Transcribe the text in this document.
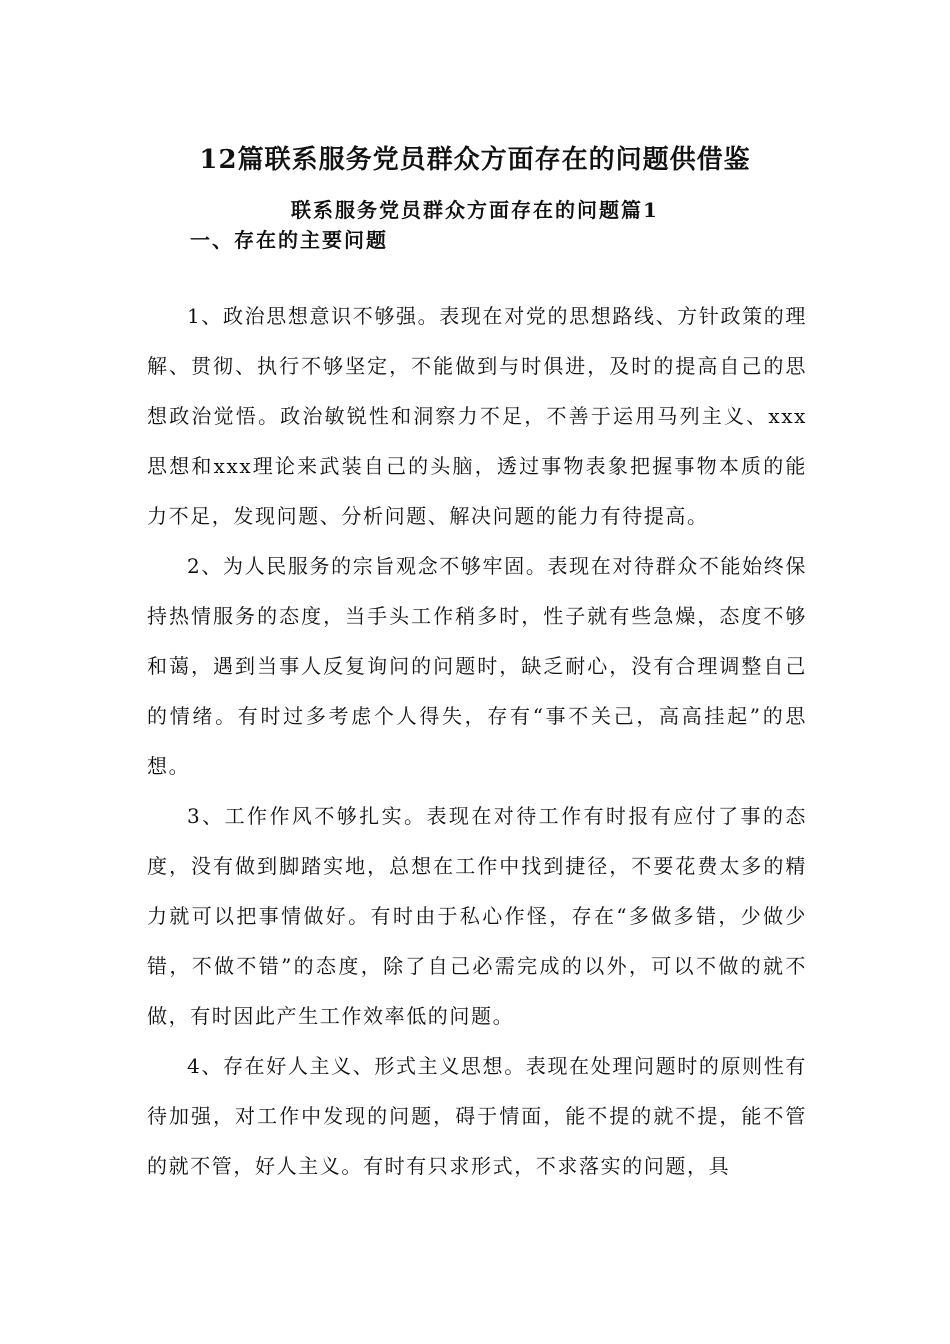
12篇联系服务党员群众方面存在的问题供借鉴
联系服务党员群众方面存在的问题篇1
一、存在的主要问题

1、政治思想意识不够强。表现在对党的思想路线、方针政策的理解、贯彻、执行不够坚定，不能做到与时俱进，及时的提高自己的思想政治觉悟。政治敏锐性和洞察力不足，不善于运用马列主义、xxx思想和xxx理论来武装自己的头脑，透过事物表象把握事物本质的能力不足，发现问题、分析问题、解决问题的能力有待提高。

2、为人民服务的宗旨观念不够牢固。表现在对待群众不能始终保持热情服务的态度，当手头工作稍多时，性子就有些急燥，态度不够和蔼，遇到当事人反复询问的问题时，缺乏耐心，没有合理调整自己的情绪。有时过多考虑个人得失，存有“事不关己，高高挂起”的思想。

3、工作作风不够扎实。表现在对待工作有时报有应付了事的态度，没有做到脚踏实地，总想在工作中找到捷径，不要花费太多的精力就可以把事情做好。有时由于私心作怪，存在“多做多错，少做少错，不做不错”的态度，除了自己必需完成的以外，可以不做的就不做，有时因此产生工作效率低的问题。

4、存在好人主义、形式主义思想。表现在处理问题时的原则性有待加强，对工作中发现的问题，碍于情面，能不提的就不提，能不管的就不管，好人主义。有时有只求形式，不求落实的问题，具
